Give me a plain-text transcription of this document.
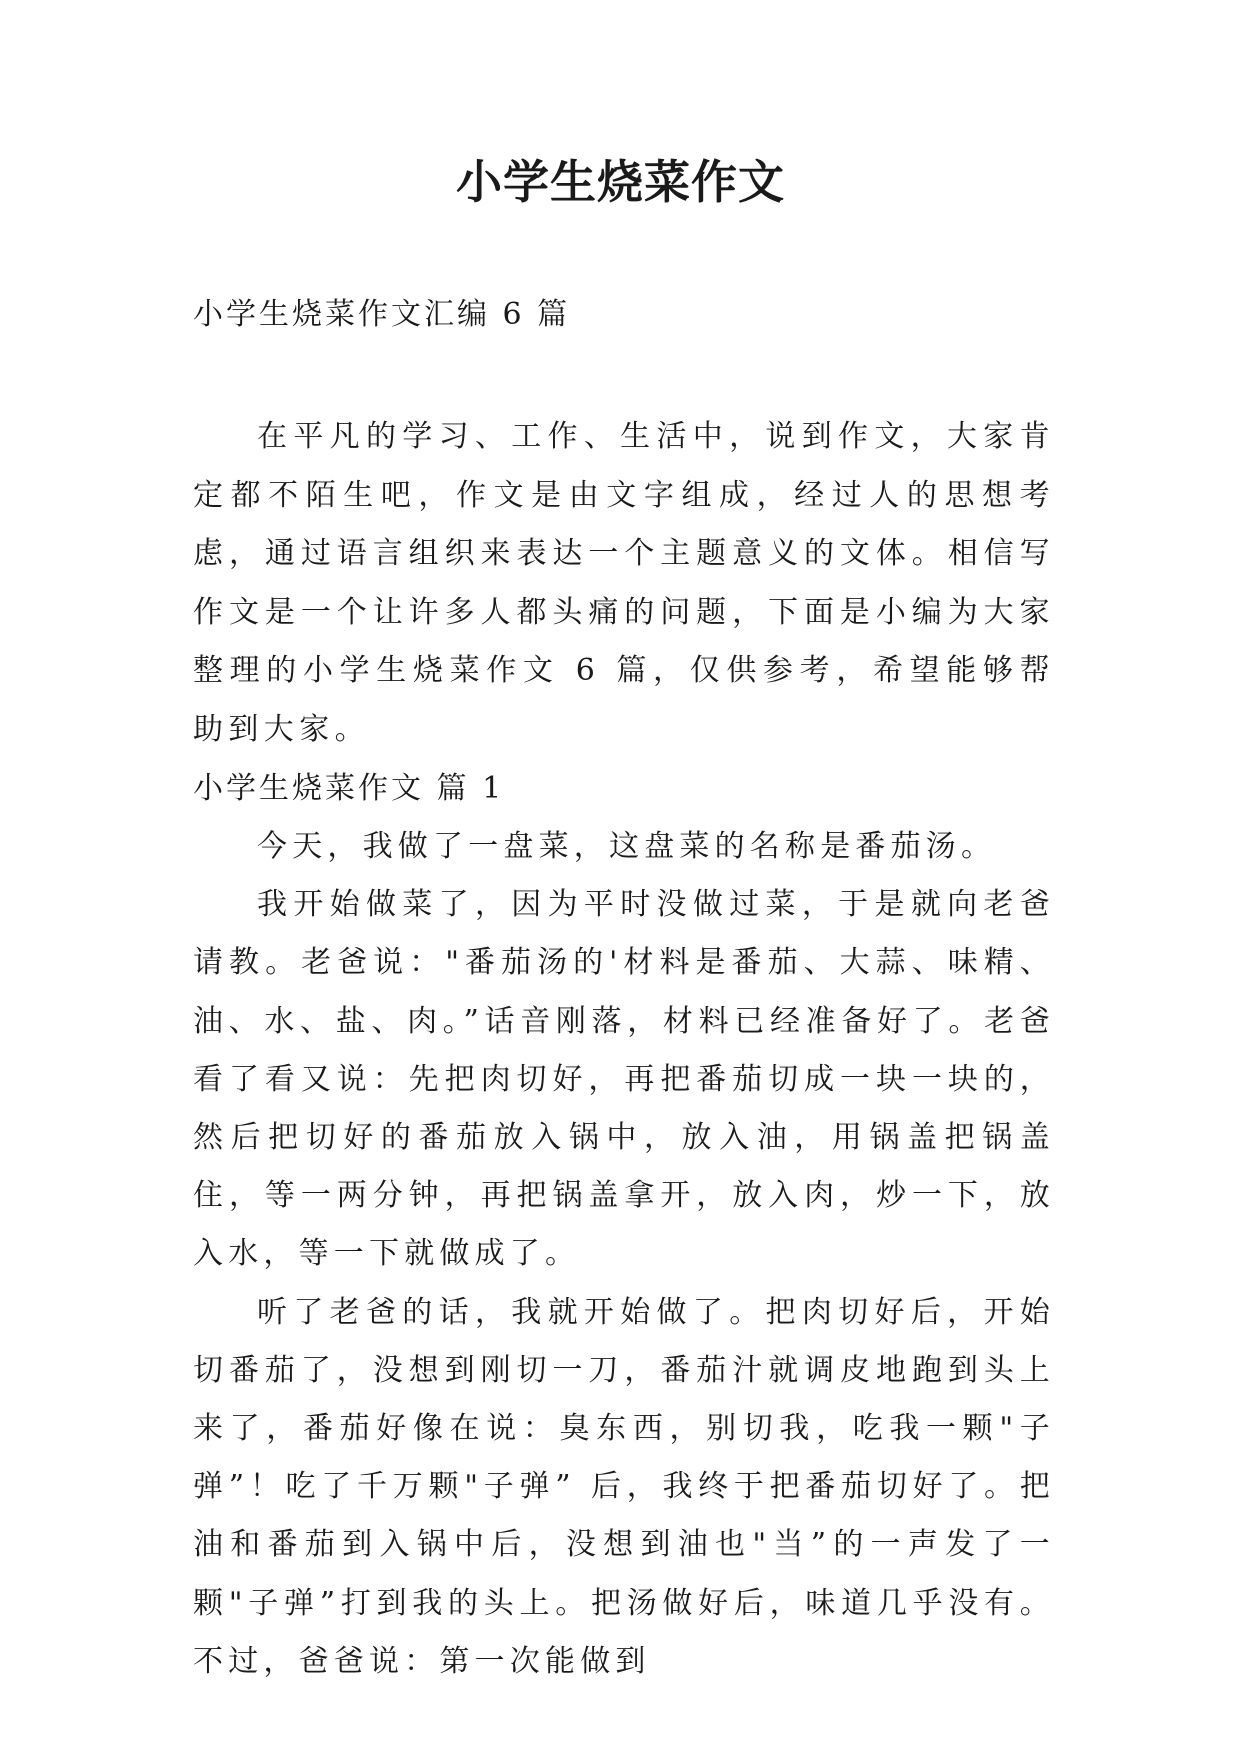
小学生烧菜作文

小学生烧菜作文汇编 6 篇

在平凡的学习、工作、生活中，说到作文，大家肯定都不陌生吧，作文是由文字组成，经过人的思想考虑，通过语言组织来表达一个主题意义的文体。相信写作文是一个让许多人都头痛的问题，下面是小编为大家整理的小学生烧菜作文 6 篇，仅供参考，希望能够帮助到大家。

小学生烧菜作文 篇 1

今天，我做了一盘菜，这盘菜的名称是番茄汤。

我开始做菜了，因为平时没做过菜，于是就向老爸请教。老爸说："番茄汤的'材料是番茄、大蒜、味精、油、水、盐、肉。”话音刚落，材料已经准备好了。老爸看了看又说：先把肉切好，再把番茄切成一块一块的，然后把切好的番茄放入锅中，放入油，用锅盖把锅盖住，等一两分钟，再把锅盖拿开，放入肉，炒一下，放入水，等一下就做成了。

听了老爸的话，我就开始做了。把肉切好后，开始切番茄了，没想到刚切一刀，番茄汁就调皮地跑到头上来了，番茄好像在说：臭东西，别切我，吃我一颗"子弹”！吃了千万颗"子弹” 后，我终于把番茄切好了。把油和番茄到入锅中后，没想到油也"当”的一声发了一颗"子弹”打到我的头上。把汤做好后，味道几乎没有。不过，爸爸说：第一次能做到
